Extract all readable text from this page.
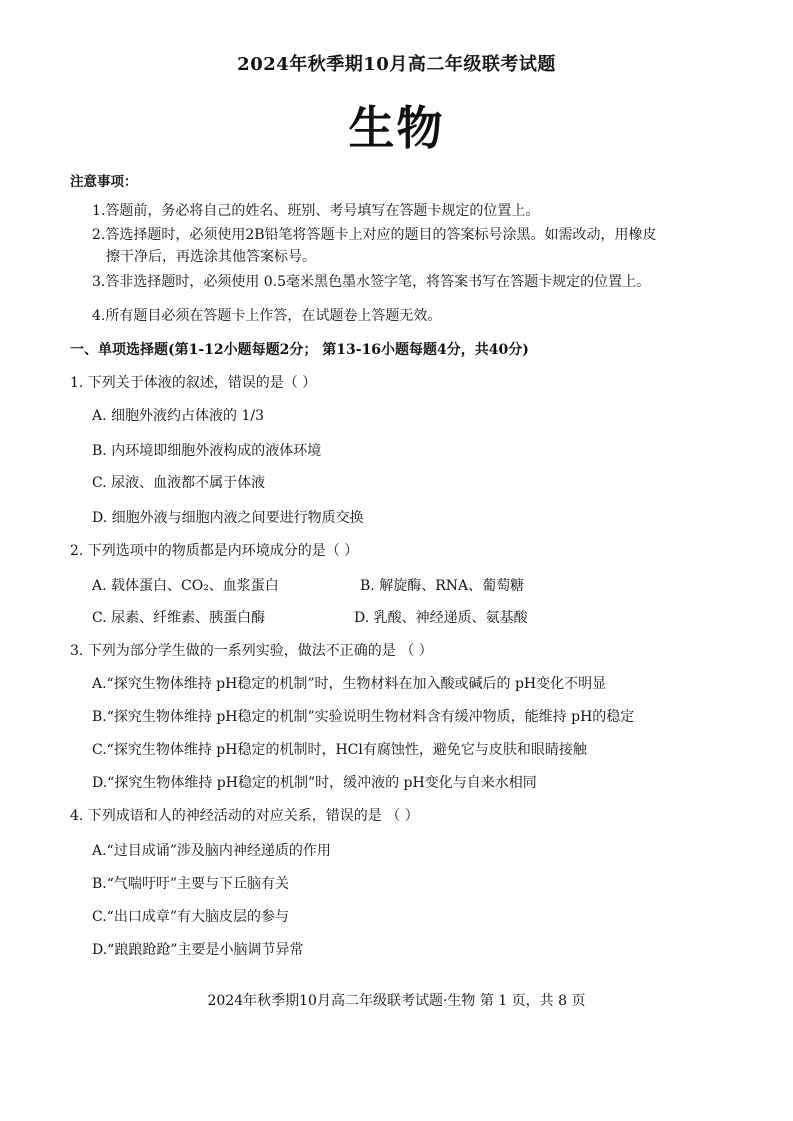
2024年秋季期10月高二年级联考试题
生物
注意事项：
1.答题前，务必将自己的姓名、班别、考号填写在答题卡规定的位置上。
2.答选择题时，必须使用2B铅笔将答题卡上对应的题目的答案标号涂黑。如需改动，用橡皮
擦干净后，再选涂其他答案标号。
3.答非选择题时，必须使用 0.5毫米黑色墨水签字笔，将答案书写在答题卡规定的位置上。
4.所有题目必须在答题卡上作答，在试题卷上答题无效。
一、单项选择题(第1-12小题每题2分； 第13-16小题每题4分，共40分)
1. 下列关于体液的叙述，错误的是（ ）
A. 细胞外液约占体液的 1/3
B. 内环境即细胞外液构成的液体环境
C. 尿液、血液都不属于体液
D. 细胞外液与细胞内液之间要进行物质交换
2. 下列选项中的物质都是内环境成分的是（ ）
A. 载体蛋白、CO₂、血浆蛋白	B. 解旋酶、RNA、葡萄糖
C. 尿素、纤维素、胰蛋白酶	D. 乳酸、神经递质、氨基酸
3. 下列为部分学生做的一系列实验，做法不正确的是 （ ）
A.“探究生物体维持 pH稳定的机制”时，生物材料在加入酸或碱后的 pH变化不明显
B.“探究生物体维持 pH稳定的机制”实验说明生物材料含有缓冲物质，能维持 pH的稳定
C.“探究生物体维持 pH稳定的机制时，HCl有腐蚀性，避免它与皮肤和眼睛接触
D.“探究生物体维持 pH稳定的机制”时，缓冲液的 pH变化与自来水相同
4. 下列成语和人的神经活动的对应关系，错误的是 （ ）
A.“过目成诵”涉及脑内神经递质的作用
B.“气喘吁吁”主要与下丘脑有关
C.“出口成章”有大脑皮层的参与
D.“踉踉跄跄”主要是小脑调节异常
2024年秋季期10月高二年级联考试题·生物 第 1 页，共 8 页
